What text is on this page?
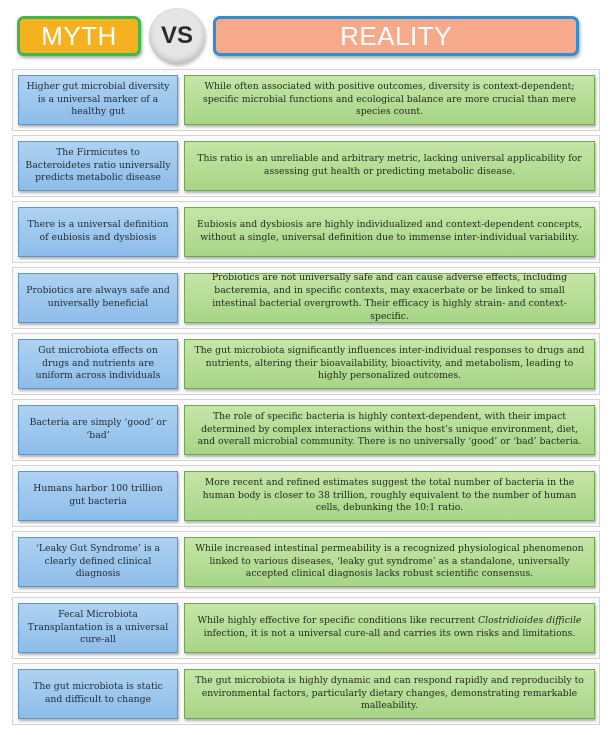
MYTH	VS	REALITY
Higher gut microbial diversity is a universal marker of a healthy gut
While often associated with positive outcomes, diversity is context-dependent; specific microbial functions and ecological balance are more crucial than mere species count.
The Firmicutes to Bacteroidetes ratio universally predicts metabolic disease
This ratio is an unreliable and arbitrary metric, lacking universal applicability for assessing gut health or predicting metabolic disease.
There is a universal definition of eubiosis and dysbiosis
Eubiosis and dysbiosis are highly individualized and context-dependent concepts, without a single, universal definition due to immense inter-individual variability.
Probiotics are always safe and universally beneficial
Probiotics are not universally safe and can cause adverse effects, including bacteremia, and in specific contexts, may exacerbate or be linked to small intestinal bacterial overgrowth. Their efficacy is highly strain- and context-specific.
Gut microbiota effects on drugs and nutrients are uniform across individuals
The gut microbiota significantly influences inter-individual responses to drugs and nutrients, altering their bioavailability, bioactivity, and metabolism, leading to highly personalized outcomes.
Bacteria are simply ‘good’ or ‘bad’
The role of specific bacteria is highly context-dependent, with their impact determined by complex interactions within the host’s unique environment, diet, and overall microbial community. There is no universally ‘good’ or ‘bad’ bacteria.
Humans harbor 100 trillion gut bacteria
More recent and refined estimates suggest the total number of bacteria in the human body is closer to 38 trillion, roughly equivalent to the number of human cells, debunking the 10:1 ratio.
‘Leaky Gut Syndrome’ is a clearly defined clinical diagnosis
While increased intestinal permeability is a recognized physiological phenomenon linked to various diseases, ‘leaky gut syndrome’ as a standalone, universally accepted clinical diagnosis lacks robust scientific consensus.
Fecal Microbiota Transplantation is a universal cure-all
While highly effective for specific conditions like recurrent Clostridioides difficile infection, it is not a universal cure-all and carries its own risks and limitations.
The gut microbiota is static and difficult to change
The gut microbiota is highly dynamic and can respond rapidly and reproducibly to environmental factors, particularly dietary changes, demonstrating remarkable malleability.
